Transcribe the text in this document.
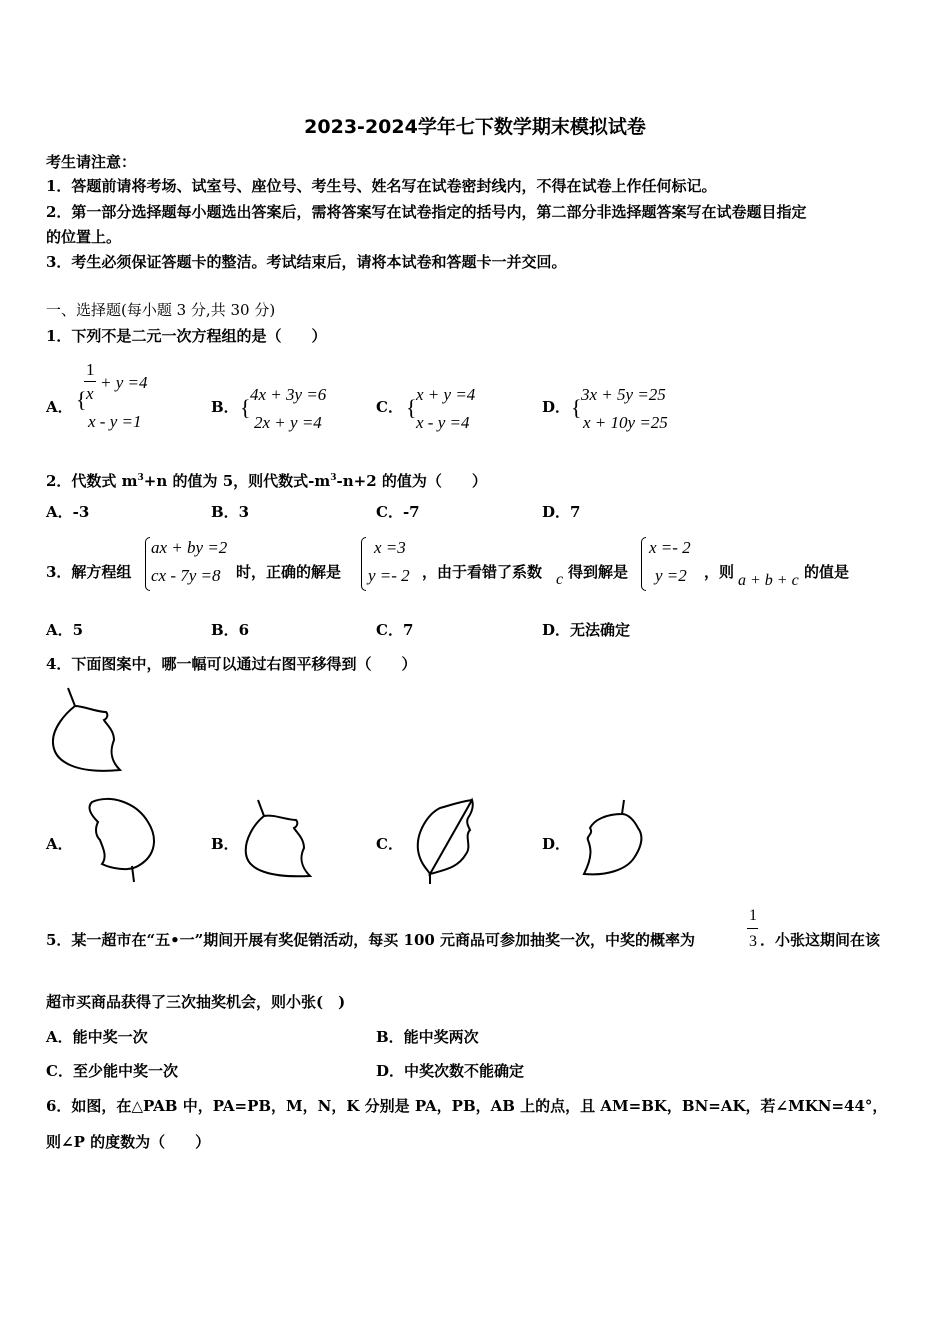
2023-2024学年七下数学期末模拟试卷
考生请注意：
1．答题前请将考场、试室号、座位号、考生号、姓名写在试卷密封线内，不得在试卷上作任何标记。
2．第一部分选择题每小题选出答案后，需将答案写在试卷指定的括号内，第二部分非选择题答案写在试卷题目指定
的位置上。
3．考生必须保证答题卡的整洁。考试结束后，请将本试卷和答题卡一并交回。
一、选择题(每小题 3 分,共 30 分)
1．下列不是二元一次方程组的是（　　）
A． {
1
x
+ y =4
x - y =1
B． {
4x + 3y =6
2x + y =4
C． {
x + y =4
x - y =4
D． {
3x + 5y =25
x + 10y =25
2．代数式 $m^3+n$ 的值为 5，则代数式$-m^3-n+2$ 的值为（　　）
A．-3	B．3	C．-7	D．7
3．解方程组
ax + by =2
cx - 7y =8 时，正确的解是
x =3
y =- 2 ，由于看错了系数 c 得到解是
x =- 2
y =2 ，则 a + b + c 的值是
A．5	B．6	C．7	D．无法确定
4．下面图案中，哪一幅可以通过右图平移得到（　　）
A．	B．	C．	D．
5．某一超市在“五•一”期间开展有奖促销活动，每买 100 元商品可参加抽奖一次，中奖的概率为
1
3 ．小张这期间在该
超市买商品获得了三次抽奖机会，则小张(　)
A．能中奖一次	B．能中奖两次
C．至少能中奖一次	D．中奖次数不能确定
6．如图，在△PAB 中，PA=PB，M，N，K 分别是 PA，PB，AB 上的点，且 AM=BK，BN=AK，若∠MKN=44°，
则∠P 的度数为（　　）
